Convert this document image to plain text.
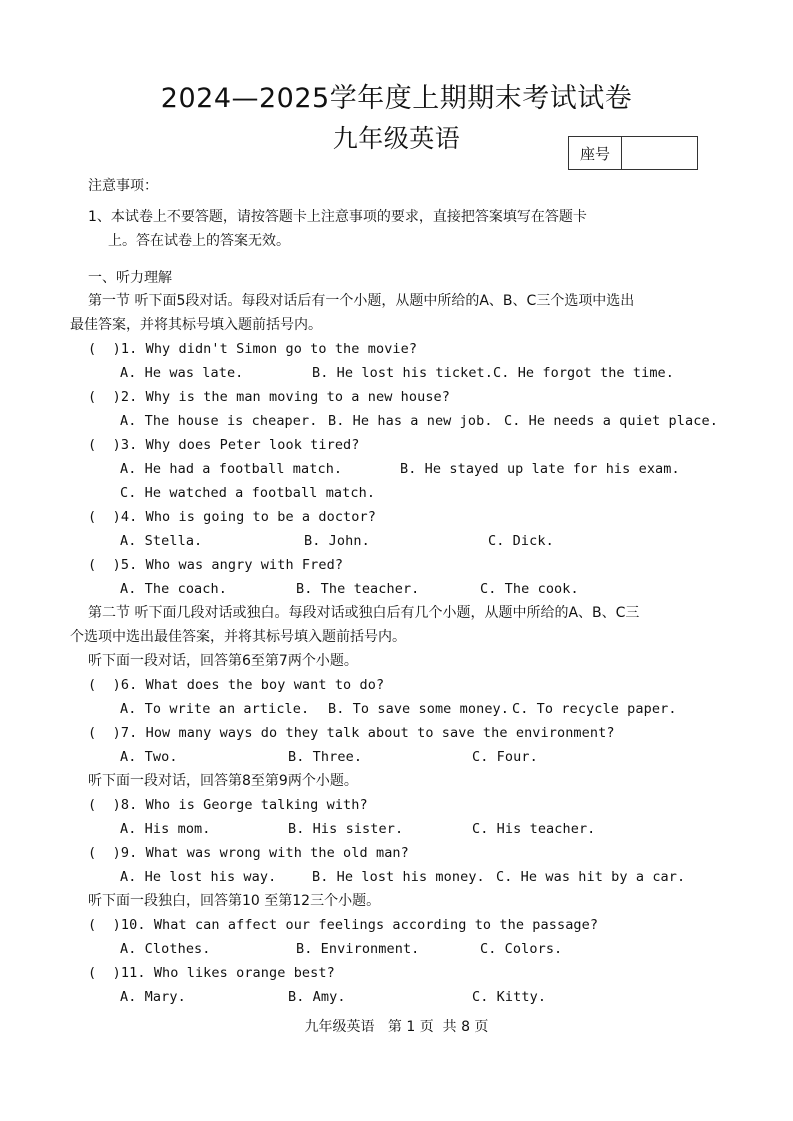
2024—2025学年度上期期末考试试卷
九年级英语
座号
注意事项：
1、本试卷上不要答题，请按答题卡上注意事项的要求，直接把答案填写在答题卡
上。答在试卷上的答案无效。
一、听力理解
第一节 听下面5段对话。每段对话后有一个小题，从题中所给的A、B、C三个选项中选出
最佳答案，并将其标号填入题前括号内。
(  )1. Why didn't Simon go to the movie?
A. He was late.	B. He lost his ticket.C. He forgot the time.
(  )2. Why is the man moving to a new house?
A. The house is cheaper. B. He has a new job. C. He needs a quiet place.
(  )3. Why does Peter look tired?
A. He had a football match.	B. He stayed up late for his exam.
C. He watched a football match.
(  )4. Who is going to be a doctor?
A. Stella.	B. John.	C. Dick.
(  )5. Who was angry with Fred?
A. The coach.	B. The teacher.	C. The cook.
第二节 听下面几段对话或独白。每段对话或独白后有几个小题，从题中所给的A、B、C三
个选项中选出最佳答案，并将其标号填入题前括号内。
听下面一段对话，回答第6至第7两个小题。
(  )6. What does the boy want to do?
A. To write an article. B. To save some money. C. To recycle paper.
(  )7. How many ways do they talk about to save the environment?
A. Two.	B. Three.	C. Four.
听下面一段对话，回答第8至第9两个小题。
(  )8. Who is George talking with?
A. His mom.	B. His sister.	C. His teacher.
(  )9. What was wrong with the old man?
A. He lost his way.	B. He lost his money. C. He was hit by a car.
听下面一段独白，回答第10 至第12三个小题。
(  )10. What can affect our feelings according to the passage?
A. Clothes.	B. Environment.	C. Colors.
(  )11. Who likes orange best?
A. Mary.	B. Amy.	C. Kitty.
九年级英语   第 1 页  共 8 页
